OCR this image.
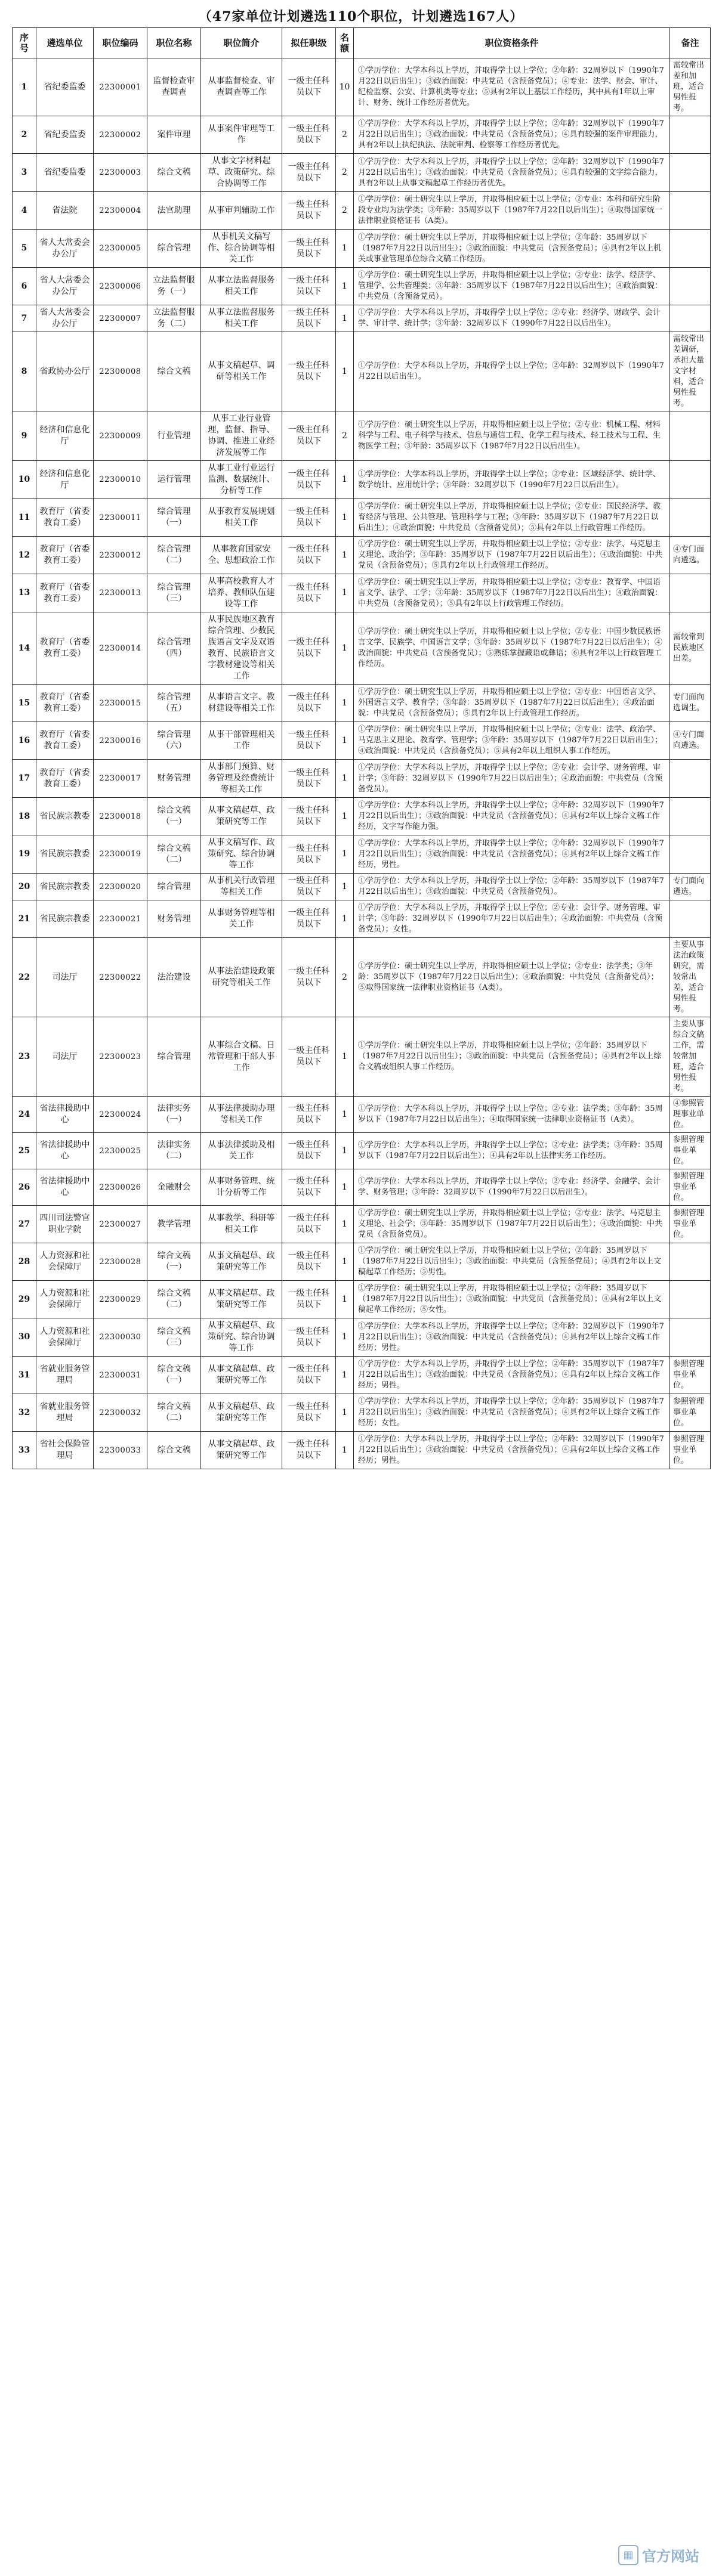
（47家单位计划遴选110个职位，计划遴选167人）
序号	遴选单位	职位编码	职位名称	职位简介	拟任职级	名额	职位资格条件	备注
1	省纪委监委	22300001	监督检查审查调查	从事监督检查、审查调查等工作	一级主任科员以下	10	①学历学位：大学本科以上学历，并取得学士以上学位；②年龄：32周岁以下（1990年7月22日以后出生）；③政治面貌：中共党员（含预备党员）；④专业：法学、财会、审计、纪检监察、公安、计算机类等专业；⑤具有2年以上基层工作经历，其中具有1年以上审计、财务、统计工作经历者优先。	需较常出差和加班，适合男性报考。
2	省纪委监委	22300002	案件审理	从事案件审理等工作	一级主任科员以下	2	①学历学位：大学本科以上学历，并取得学士以上学位；②年龄：32周岁以下（1990年7月22日以后出生）；③政治面貌：中共党员（含预备党员）；④具有较强的案件审理能力，具有2年以上执纪执法、法院审判、检察等工作经历者优先。	
3	省纪委监委	22300003	综合文稿	从事文字材料起草、政策研究、综合协调等工作	一级主任科员以下	2	①学历学位：大学本科以上学历，并取得学士以上学位；②年龄：32周岁以下（1990年7月22日以后出生）；③政治面貌：中共党员（含预备党员）；④具有较强的文字综合能力，具有2年以上从事文稿起草工作经历者优先。	
4	省法院	22300004	法官助理	从事审判辅助工作	一级主任科员以下	2	①学历学位：硕士研究生以上学历，并取得相应硕士以上学位；②专业：本科和研究生阶段专业均为法学类；③年龄：35周岁以下（1987年7月22日以后出生）；④取得国家统一法律职业资格证书（A类）。	
5	省人大常委会办公厅	22300005	综合管理	从事机关文稿写作、综合协调等相关工作	一级主任科员以下	1	①学历学位：硕士研究生以上学历，并取得相应硕士以上学位；②年龄：35周岁以下（1987年7月22日以后出生）；③政治面貌：中共党员（含预备党员）；④具有2年以上机关或事业管理单位综合文稿工作经历。	
6	省人大常委会办公厅	22300006	立法监督服务（一）	从事立法监督服务相关工作	一级主任科员以下	1	①学历学位：硕士研究生以上学历，并取得相应硕士以上学位；②专业：法学、经济学、管理学、公共管理类；③年龄：35周岁以下（1987年7月22日以后出生）；④政治面貌：中共党员（含预备党员）。	
7	省人大常委会办公厅	22300007	立法监督服务（二）	从事立法监督服务相关工作	一级主任科员以下	1	①学历学位：大学本科以上学历，并取得学士以上学位；②专业：经济学、财政学、会计学、审计学、统计学；③年龄：32周岁以下（1990年7月22日以后出生）。	
8	省政协办公厅	22300008	综合文稿	从事文稿起草、调研等相关工作	一级主任科员以下	1	①学历学位：大学本科以上学历，并取得学士以上学位；②年龄：32周岁以下（1990年7月22日以后出生）。	需较常出差调研，承担大量文字材料，适合男性报考。
9	经济和信息化厅	22300009	行业管理	从事工业行业管理，监督、指导、协调、推进工业经济发展等工作	一级主任科员以下	2	①学历学位：硕士研究生以上学历，并取得相应硕士以上学位；②专业：机械工程、材料科学与工程、电子科学与技术、信息与通信工程、化学工程与技术、轻工技术与工程、生物医学工程；③年龄：35周岁以下（1987年7月22日以后出生）。	
10	经济和信息化厅	22300010	运行管理	从事工业行业运行监测、数据统计、分析等工作	一级主任科员以下	1	①学历学位：大学本科以上学历，并取得学士以上学位；②专业：区域经济学、统计学、数学统计、应用统计学；③年龄：32周岁以下（1990年7月22日以后出生）。	
11	教育厅（省委教育工委）	22300011	综合管理（一）	从事教育发展规划相关工作	一级主任科员以下	1	①学历学位：硕士研究生以上学历，并取得相应硕士以上学位；②专业：国民经济学、教育经济与管理、公共管理、管理科学与工程；③年龄：35周岁以下（1987年7月22日以后出生）；④政治面貌：中共党员（含预备党员）；⑤具有2年以上行政管理工作经历。	
12	教育厅（省委教育工委）	22300012	综合管理（二）	从事教育国家安全、思想政治工作	一级主任科员以下	1	①学历学位：硕士研究生以上学历，并取得相应硕士以上学位；②专业：法学、马克思主义理论、政治学；③年龄：35周岁以下（1987年7月22日以后出生）；④政治面貌：中共党员（含预备党员）；⑤具有2年以上行政管理工作经历。	④专门面向遴选。
13	教育厅（省委教育工委）	22300013	综合管理（三）	从事高校教育人才培养、教师队伍建设等工作	一级主任科员以下	1	①学历学位：硕士研究生以上学历，并取得相应硕士以上学位；②专业：教育学、中国语言文学、法学、工学；③年龄：35周岁以下（1987年7月22日以后出生）；④政治面貌：中共党员（含预备党员）；⑤具有2年以上行政管理工作经历。	
14	教育厅（省委教育工委）	22300014	综合管理（四）	从事民族地区教育综合管理、少数民族语言文字及双语教育、民族语言文字教材建设等相关工作	一级主任科员以下	1	①学历学位：硕士研究生以上学历，并取得相应硕士以上学位；②专业：中国少数民族语言文学、民族学、中国语言文学；③年龄：35周岁以下（1987年7月22日以后出生）；④政治面貌：中共党员（含预备党员）；⑤熟练掌握藏语或彝语；⑥具有2年以上行政管理工作经历。	需较常到民族地区出差。
15	教育厅（省委教育工委）	22300015	综合管理（五）	从事语言文字、教材建设等相关工作	一级主任科员以下	1	①学历学位：硕士研究生以上学历，并取得相应硕士以上学位；②专业：中国语言文学、外国语言文学、教育学；③年龄：35周岁以下（1987年7月22日以后出生）；④政治面貌：中共党员（含预备党员）；⑤具有2年以上行政管理工作经历。	专门面向选调生。
16	教育厅（省委教育工委）	22300016	综合管理（六）	从事干部管理相关工作	一级主任科员以下	1	①学历学位：硕士研究生以上学历，并取得相应硕士以上学位；②专业：法学、政治学、马克思主义理论、教育学、管理学；③年龄：35周岁以下（1987年7月22日以后出生）；④政治面貌：中共党员（含预备党员）；⑤具有2年以上组织人事工作经历。	④专门面向遴选。
17	教育厅（省委教育工委）	22300017	财务管理	从事部门预算、财务管理及经费统计等相关工作	一级主任科员以下	1	①学历学位：大学本科以上学历，并取得学士以上学位；②专业：会计学、财务管理、审计学；③年龄：32周岁以下（1990年7月22日以后出生）；④政治面貌：中共党员（含预备党员）。	
18	省民族宗教委	22300018	综合文稿（一）	从事文稿起草、政策研究等工作	一级主任科员以下	1	①学历学位：大学本科以上学历，并取得学士以上学位；②年龄：32周岁以下（1990年7月22日以后出生）；③政治面貌：中共党员（含预备党员）；④具有2年以上综合文稿工作经历，文字写作能力强。	
19	省民族宗教委	22300019	综合文稿（二）	从事文稿写作、政策研究、综合协调等工作	一级主任科员以下	1	①学历学位：大学本科以上学历，并取得学士以上学位；②年龄：32周岁以下（1990年7月22日以后出生）；③政治面貌：中共党员（含预备党员）；④具有2年以上综合文稿工作经历，男性。	
20	省民族宗教委	22300020	综合管理	从事机关行政管理等相关工作	一级主任科员以下	1	①学历学位：大学本科以上学历，并取得学士以上学位；②年龄：35周岁以下（1987年7月22日以后出生）；③政治面貌：中共党员（含预备党员）。	专门面向遴选。
21	省民族宗教委	22300021	财务管理	从事财务管理等相关工作	一级主任科员以下	1	①学历学位：大学本科以上学历，并取得学士以上学位；②专业：会计学、财务管理、审计学；③年龄：32周岁以下（1990年7月22日以后出生）；④政治面貌：中共党员（含预备党员）；女性。	
22	司法厅	22300022	法治建设	从事法治建设政策研究等相关工作	一级主任科员以下	2	①学历学位：硕士研究生以上学历，并取得相应硕士以上学位；②专业：法学类；③年龄：35周岁以下（1987年7月22日以后出生）；④政治面貌：中共党员（含预备党员）；⑤取得国家统一法律职业资格证书（A类）。	主要从事法治政策研究，需较常出差，适合男性报考。
23	司法厅	22300023	综合管理	从事综合文稿、日常管理和干部人事工作	一级主任科员以下	1	①学历学位：硕士研究生以上学历，并取得相应硕士以上学位；②年龄：35周岁以下（1987年7月22日以后出生）；③政治面貌：中共党员（含预备党员）；④具有2年以上综合文稿或组织人事工作经历。	主要从事综合文稿工作，需较常加班，适合男性报考。
24	省法律援助中心	22300024	法律实务（一）	从事法律援助办理等相关工作	一级主任科员以下	1	①学历学位：大学本科以上学历，并取得学士以上学位；②专业：法学类；③年龄：35周岁以下（1987年7月22日以后出生）；④取得国家统一法律职业资格证书（A类）。	④参照管理事业单位。
25	省法律援助中心	22300025	法律实务（二）	从事法律援助及相关工作	一级主任科员以下	1	①学历学位：大学本科以上学历，并取得学士以上学位；②专业：法学类；③年龄：35周岁以下（1987年7月22日以后出生）；④具有2年以上法律实务工作经历。	参照管理事业单位。
26	省法律援助中心	22300026	金融财会	从事财务管理、统计分析等工作	一级主任科员以下	1	①学历学位：大学本科以上学历，并取得学士以上学位；②专业：经济学、金融学、会计学、财务管理；③年龄：32周岁以下（1990年7月22日以后出生）。	参照管理事业单位。
27	四川司法警官职业学院	22300027	教学管理	从事教学、科研等相关工作	一级主任科员以下	1	①学历学位：硕士研究生以上学历，并取得相应硕士以上学位；②专业：法学、马克思主义理论、社会学；③年龄：35周岁以下（1987年7月22日以后出生）；④政治面貌：中共党员（含预备党员）。	参照管理事业单位。
28	人力资源和社会保障厅	22300028	综合文稿（一）	从事文稿起草、政策研究等工作	一级主任科员以下	1	①学历学位：硕士研究生以上学历，并取得相应硕士以上学位；②年龄：35周岁以下（1987年7月22日以后出生）；③政治面貌：中共党员（含预备党员）；④具有2年以上文稿起草工作经历；⑤男性。	
29	人力资源和社会保障厅	22300029	综合文稿（二）	从事文稿起草、政策研究等工作	一级主任科员以下	1	①学历学位：硕士研究生以上学历，并取得相应硕士以上学位；②年龄：35周岁以下（1987年7月22日以后出生）；③政治面貌：中共党员（含预备党员）；④具有2年以上文稿起草工作经历；⑤女性。	
30	人力资源和社会保障厅	22300030	综合文稿（三）	从事文稿起草、政策研究、综合协调等工作	一级主任科员以下	1	①学历学位：大学本科以上学历，并取得学士以上学位；②年龄：32周岁以下（1990年7月22日以后出生）；③政治面貌：中共党员（含预备党员）；④具有2年以上综合文稿工作经历；男性。	
31	省就业服务管理局	22300031	综合文稿（一）	从事文稿起草、政策研究等工作	一级主任科员以下	1	①学历学位：大学本科以上学历，并取得学士以上学位；②年龄：35周岁以下（1987年7月22日以后出生）；③政治面貌：中共党员（含预备党员）；④具有2年以上综合文稿工作经历；男性。	参照管理事业单位。
32	省就业服务管理局	22300032	综合文稿（二）	从事文稿起草、政策研究等工作	一级主任科员以下	1	①学历学位：大学本科以上学历，并取得学士以上学位；②年龄：35周岁以下（1987年7月22日以后出生）；③政治面貌：中共党员（含预备党员）；④具有2年以上综合文稿工作经历；女性。	参照管理事业单位。
33	省社会保险管理局	22300033	综合文稿	从事文稿起草、政策研究等工作	一级主任科员以下	1	①学历学位：大学本科以上学历，并取得学士以上学位；②年龄：32周岁以下（1990年7月22日以后出生）；③政治面貌：中共党员（含预备党员）；④具有2年以上综合文稿工作经历；男性。	参照管理事业单位。
▦ 官方网站
